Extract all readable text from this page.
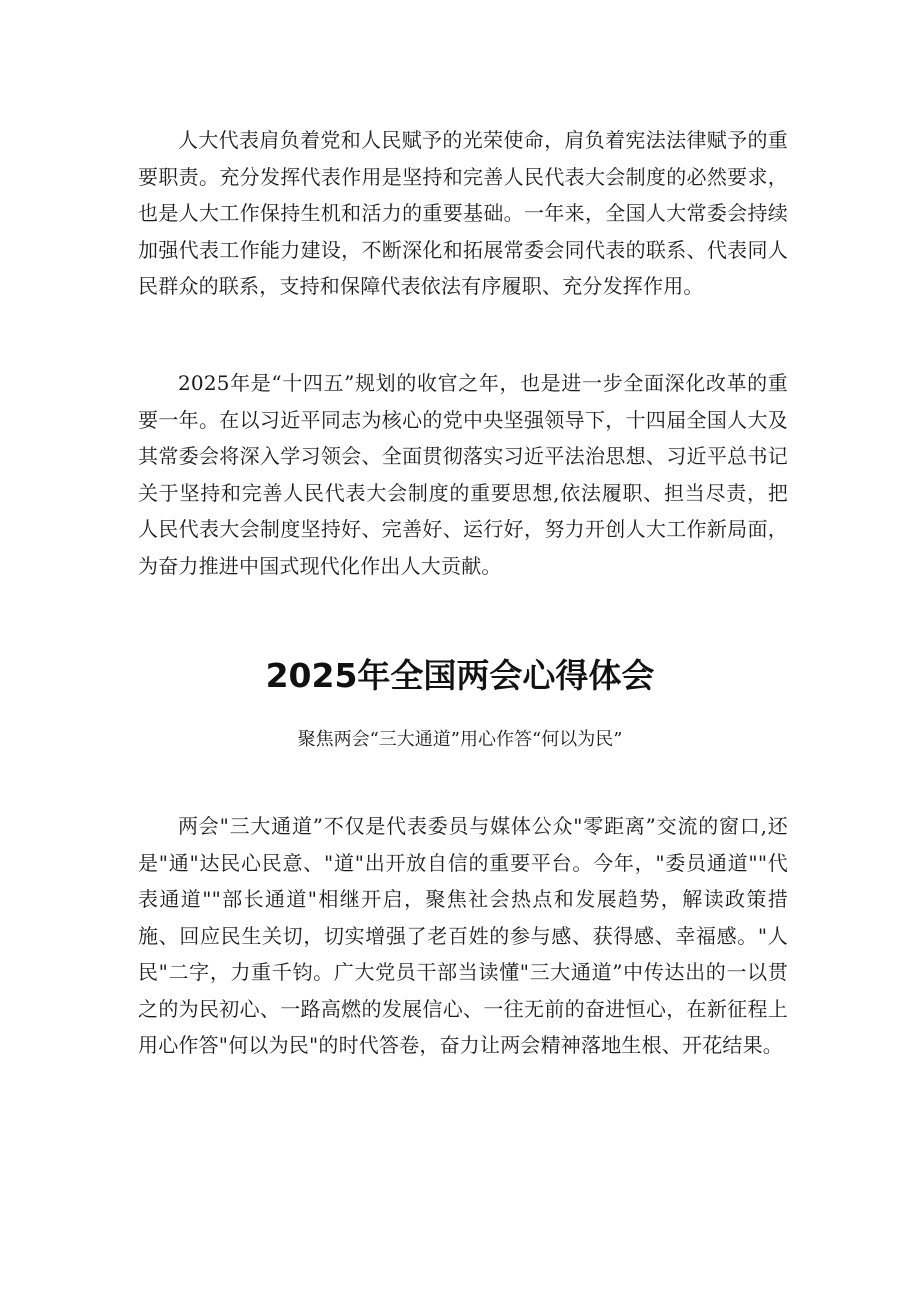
人大代表肩负着党和人民赋予的光荣使命，肩负着宪法法律赋予的重要职责。充分发挥代表作用是坚持和完善人民代表大会制度的必然要求，也是人大工作保持生机和活力的重要基础。一年来，全国人大常委会持续加强代表工作能力建设，不断深化和拓展常委会同代表的联系、代表同人民群众的联系，支持和保障代表依法有序履职、充分发挥作用。

2025年是“十四五”规划的收官之年，也是进一步全面深化改革的重要一年。在以习近平同志为核心的党中央坚强领导下，十四届全国人大及其常委会将深入学习领会、全面贯彻落实习近平法治思想、习近平总书记关于坚持和完善人民代表大会制度的重要思想,依法履职、担当尽责，把人民代表大会制度坚持好、完善好、运行好，努力开创人大工作新局面，为奋力推进中国式现代化作出人大贡献。

2025年全国两会心得体会

聚焦两会“三大通道”用心作答“何以为民”

两会"三大通道”不仅是代表委员与媒体公众"零距离”交流的窗口,还是"通"达民心民意、"道"出开放自信的重要平台。今年，"委员通道""代表通道""部长通道"相继开启，聚焦社会热点和发展趋势，解读政策措施、回应民生关切，切实增强了老百姓的参与感、获得感、幸福感。"人民"二字，力重千钧。广大党员干部当读懂"三大通道”中传达出的一以贯之的为民初心、一路高燃的发展信心、一往无前的奋进恒心，在新征程上用心作答"何以为民"的时代答卷，奋力让两会精神落地生根、开花结果。
